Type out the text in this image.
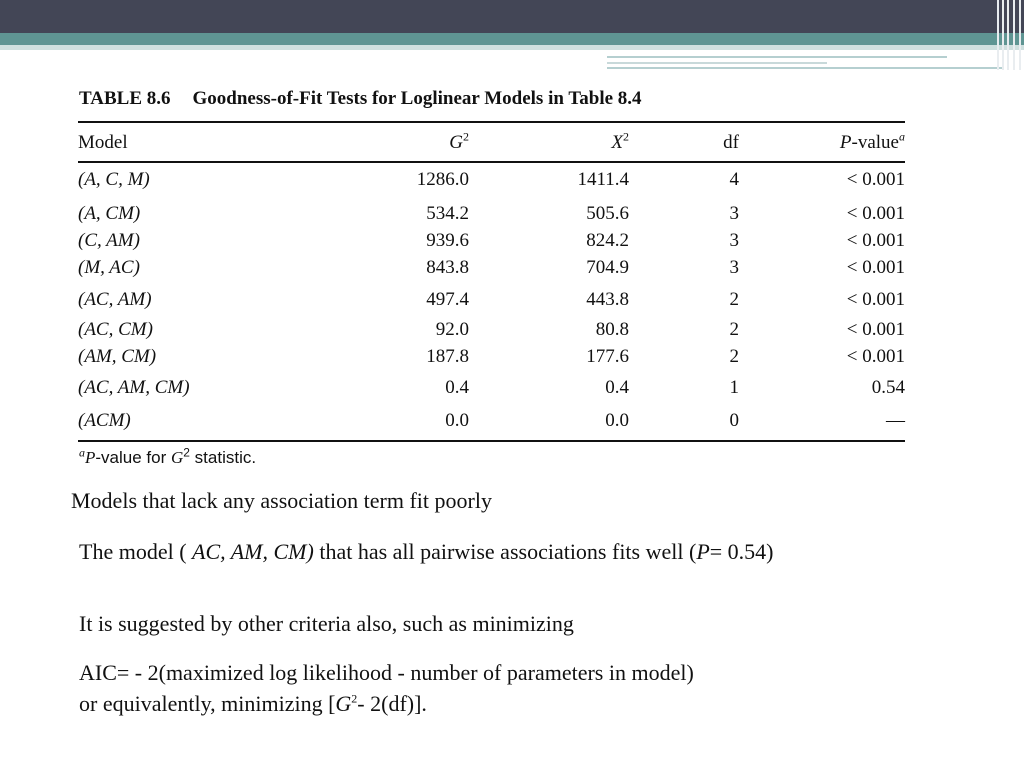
TABLE 8.6 Goodness-of-Fit Tests for Loglinear Models in Table 8.4
Model	$G^2$	$X^2$	df	P-value$^a$
(A, C, M)	1286.0	1411.4	4	< 0.001
(A, CM)	534.2	505.6	3	< 0.001
(C, AM)	939.6	824.2	3	< 0.001
(M, AC)	843.8	704.9	3	< 0.001
(AC, AM)	497.4	443.8	2	< 0.001
(AC, CM)	92.0	80.8	2	< 0.001
(AM, CM)	187.8	177.6	2	< 0.001
(AC, AM, CM)	0.4	0.4	1	0.54
(ACM)	0.0	0.0	0	—
$^a$P-value for $G^2$ statistic.
Models that lack any association term fit poorly
The model ( AC, AM, CM) that has all pairwise associations fits well (P= 0.54)
It is suggested by other criteria also, such as minimizing
AIC= - 2(maximized log likelihood - number of parameters in model)
or equivalently, minimizing [$G^2-$ 2(df)].
